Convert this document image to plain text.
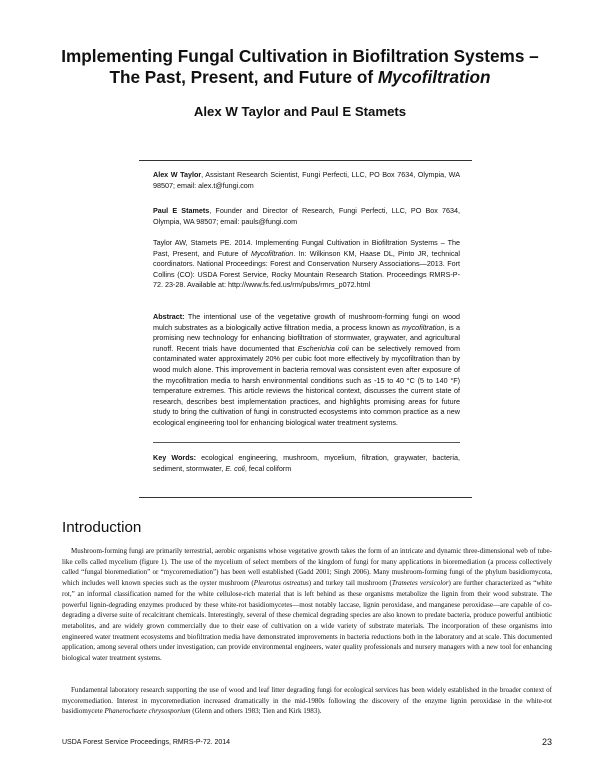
Implementing Fungal Cultivation in Biofiltration Systems –
The Past, Present, and Future of Mycofiltration

Alex W Taylor and Paul E Stamets

Alex W Taylor, Assistant Research Scientist, Fungi Perfecti, LLC, PO Box 7634, Olympia, WA 98507; email: alex.t@fungi.com

Paul E Stamets, Founder and Director of Research, Fungi Perfecti, LLC, PO Box 7634, Olympia, WA 98507; email: pauls@fungi.com

Taylor AW, Stamets PE. 2014. Implementing Fungal Cultivation in Biofiltration Systems – The Past, Present, and Future of Mycofiltration. In: Wilkinson KM, Haase DL, Pinto JR, technical coordinators. National Proceedings: Forest and Conservation Nursery Associations—2013. Fort Collins (CO): USDA Forest Service, Rocky Mountain Research Station. Proceedings RMRS-P-72. 23-28. Available at: http://www.fs.fed.us/rm/pubs/rmrs_p072.html

Abstract: The intentional use of the vegetative growth of mushroom-forming fungi on wood mulch substrates as a biologically active filtration media, a process known as mycofiltration, is a promising new technology for enhancing biofiltration of stormwater, graywater, and agricultural runoff. Recent trials have documented that Escherichia coli can be selectively removed from contaminated water approximately 20% per cubic foot more effectively by mycofiltration than by wood mulch alone. This improvement in bacteria removal was consistent even after exposure of the mycofiltration media to harsh environmental conditions such as -15 to 40 °C (5 to 140 °F) temperature extremes. This article reviews the historical context, discusses the current state of research, describes best implementation practices, and highlights promising areas for future study to bring the cultivation of fungi in constructed ecosystems into common practice as a new ecological engineering tool for enhancing biological water treatment systems.

Key Words: ecological engineering, mushroom, mycelium, filtration, graywater, bacteria, sediment, stormwater, E. coli, fecal coliform

Introduction

Mushroom-forming fungi are primarily terrestrial, aerobic organisms whose vegetative growth takes the form of an intricate and dynamic three-dimensional web of tube-like cells called mycelium (figure 1). The use of the mycelium of select members of the kingdom of fungi for many applications in bioremediation (a process collectively called “fungal bioremediation” or “mycoremediation”) has been well established (Gadd 2001; Singh 2006). Many mushroom-forming fungi of the phylum basidiomycota, which includes well known species such as the oyster mushroom (Pleurotus ostreatus) and turkey tail mushroom (Trametes versicolor) are further characterized as “white rot,” an informal classification named for the white cellulose-rich material that is left behind as these organisms metabolize the lignin from their wood substrate. The powerful lignin-degrading enzymes produced by these white-rot basidiomycetes—most notably laccase, lignin peroxidase, and manganese peroxidase—are capable of co-degrading a diverse suite of recalcitrant chemicals. Interestingly, several of these chemical degrading species are also known to predate bacteria, produce powerful antibiotic metabolites, and are widely grown commercially due to their ease of cultivation on a wide variety of substrate materials. The incorporation of these organisms into engineered water treatment ecosystems and biofiltration media have demonstrated improvements in bacteria reductions both in the laboratory and at scale. This documented application, among several others under investigation, can provide environmental engineers, water quality professionals and nursery managers with a new tool for enhancing biological water treatment systems.

Fundamental laboratory research supporting the use of wood and leaf litter degrading fungi for ecological services has been widely established in the broader context of mycoremediation. Interest in mycoremediation increased dramatically in the mid-1980s following the discovery of the enzyme lignin peroxidase in the white-rot basidiomycete Phanerochaete chrysosporium (Glenn and others 1983; Tien and Kirk 1983).

USDA Forest Service Proceedings, RMRS-P-72. 2014	23
